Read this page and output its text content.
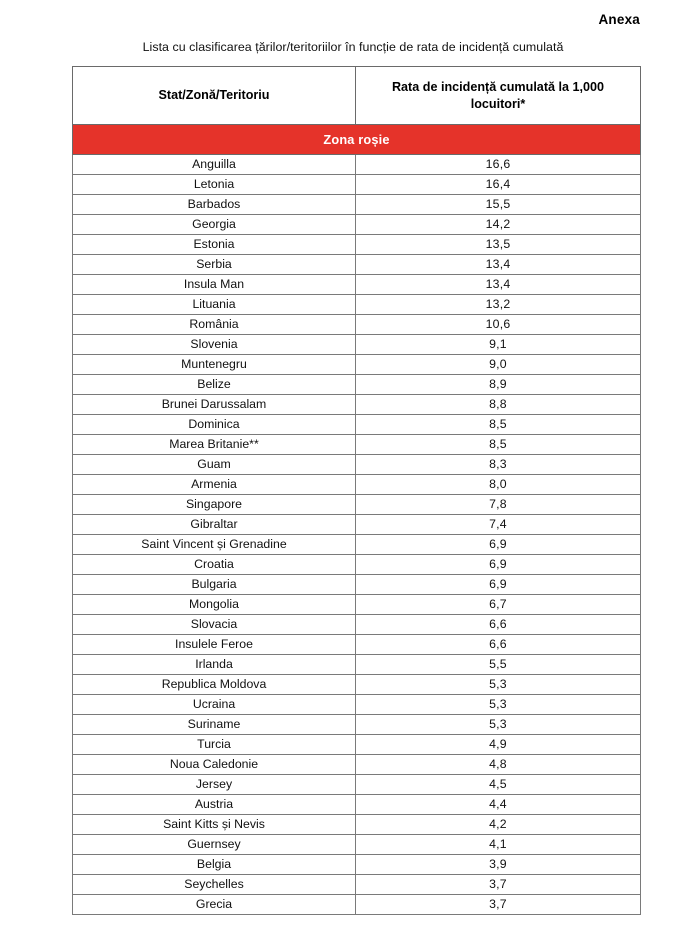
Anexa
Lista cu clasificarea țărilor/teritoriilor în funcție de rata de incidență cumulată
Stat/Zonă/Teritoriu	Rata de incidență cumulată la 1,000 locuitori*
Zona roșie	
Anguilla	16,6
Letonia	16,4
Barbados	15,5
Georgia	14,2
Estonia	13,5
Serbia	13,4
Insula Man	13,4
Lituania	13,2
România	10,6
Slovenia	9,1
Muntenegru	9,0
Belize	8,9
Brunei Darussalam	8,8
Dominica	8,5
Marea Britanie**	8,5
Guam	8,3
Armenia	8,0
Singapore	7,8
Gibraltar	7,4
Saint Vincent și Grenadine	6,9
Croatia	6,9
Bulgaria	6,9
Mongolia	6,7
Slovacia	6,6
Insulele Feroe	6,6
Irlanda	5,5
Republica Moldova	5,3
Ucraina	5,3
Suriname	5,3
Turcia	4,9
Noua Caledonie	4,8
Jersey	4,5
Austria	4,4
Saint Kitts și Nevis	4,2
Guernsey	4,1
Belgia	3,9
Seychelles	3,7
Grecia	3,7
